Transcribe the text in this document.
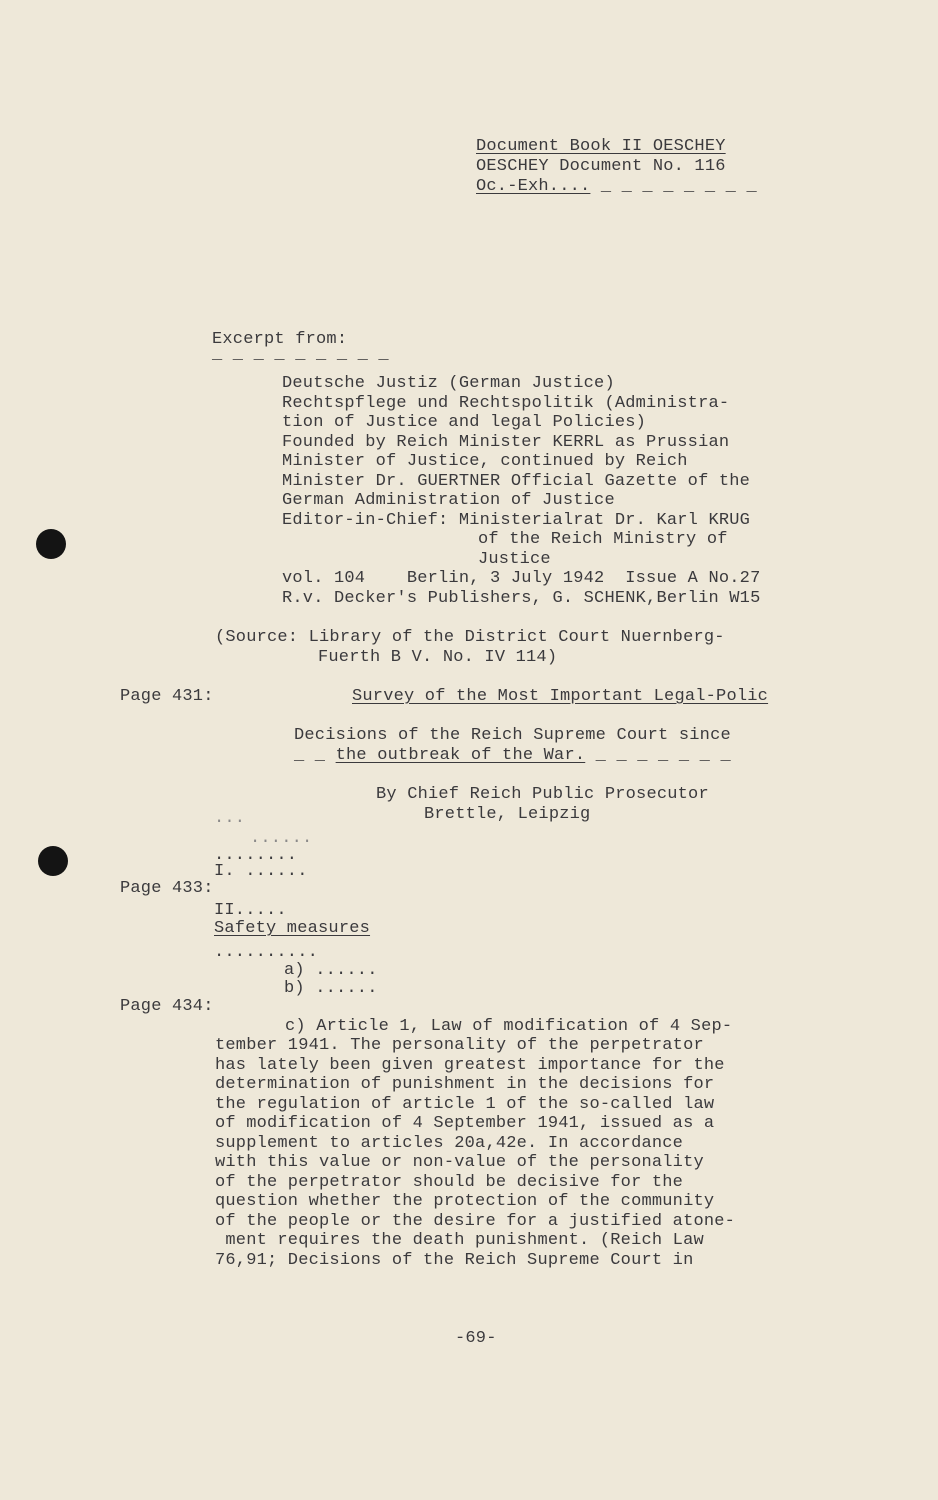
Document Book II OESCHEY
OESCHEY Document No. 116
Oc.-Exh.... _ _ _ _ _ _ _ _
Excerpt from:
_ _ _ _ _ _ _ _ _
Deutsche Justiz (German Justice)
Rechtspflege und Rechtspolitik (Administra-
tion of Justice and legal Policies)
Founded by Reich Minister KERRL as Prussian
Minister of Justice, continued by Reich
Minister Dr. GUERTNER Official Gazette of the
German Administration of Justice
Editor-in-Chief: Ministerialrat Dr. Karl KRUG
of the Reich Ministry of
Justice
vol. 104    Berlin, 3 July 1942  Issue A No.27
R.v. Decker's Publishers, G. SCHENK,Berlin W15
(Source: Library of the District Court Nuernberg-
Fuerth B V. No. IV 114)
Page 431:	Survey of the Most Important Legal-Polic
Decisions of the Reich Supreme Court since
_ _ the outbreak of the War. _ _ _ _ _ _ _
By Chief Reich Public Prosecutor
Brettle, Leipzig
...
......
........
I. ......
Page 433:
II.....
Safety measures
..........
a) ......
b) ......
Page 434:
c) Article 1, Law of modification of 4 Sep-
tember 1941. The personality of the perpetrator
has lately been given greatest importance for the
determination of punishment in the decisions for
the regulation of article 1 of the so-called law
of modification of 4 September 1941, issued as a
supplement to articles 20a,42e. In accordance
with this value or non-value of the personality
of the perpetrator should be decisive for the
question whether the protection of the community
of the people or the desire for a justified atone-
ment requires the death punishment. (Reich Law
76,91; Decisions of the Reich Supreme Court in
-69-
